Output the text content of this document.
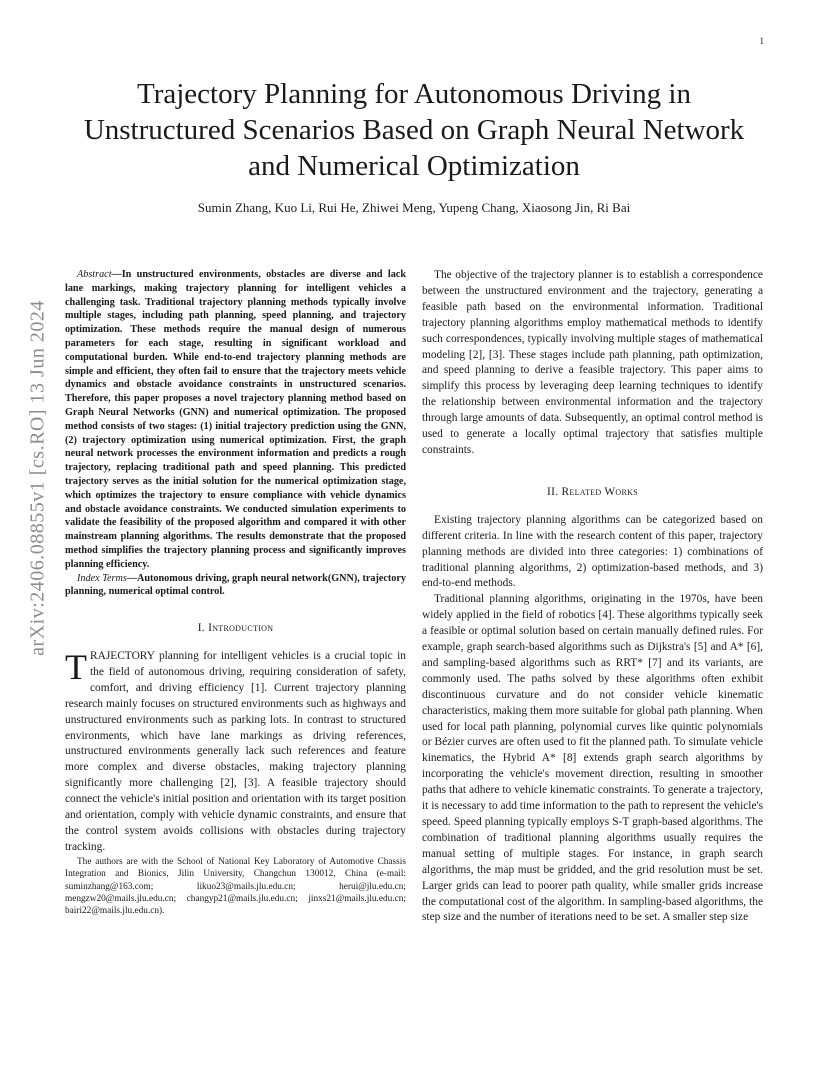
1
arXiv:2406.08855v1 [cs.RO] 13 Jun 2024
Trajectory Planning for Autonomous Driving in Unstructured Scenarios Based on Graph Neural Network and Numerical Optimization

Sumin Zhang, Kuo Li, Rui He, Zhiwei Meng, Yupeng Chang, Xiaosong Jin, Ri Bai

Abstract—In unstructured environments, obstacles are diverse and lack lane markings, making trajectory planning for intelligent vehicles a challenging task. Traditional trajectory planning methods typically involve multiple stages, including path planning, speed planning, and trajectory optimization. These methods require the manual design of numerous parameters for each stage, resulting in significant workload and computational burden. While end-to-end trajectory planning methods are simple and efficient, they often fail to ensure that the trajectory meets vehicle dynamics and obstacle avoidance constraints in unstructured scenarios. Therefore, this paper proposes a novel trajectory planning method based on Graph Neural Networks (GNN) and numerical optimization. The proposed method consists of two stages: (1) initial trajectory prediction using the GNN, (2) trajectory optimization using numerical optimization. First, the graph neural network processes the environment information and predicts a rough trajectory, replacing traditional path and speed planning. This predicted trajectory serves as the initial solution for the numerical optimization stage, which optimizes the trajectory to ensure compliance with vehicle dynamics and obstacle avoidance constraints. We conducted simulation experiments to validate the feasibility of the proposed algorithm and compared it with other mainstream planning algorithms. The results demonstrate that the proposed method simplifies the trajectory planning process and significantly improves planning efficiency.

Index Terms—Autonomous driving, graph neural network(GNN), trajectory planning, numerical optimal control.

I. Introduction

TRAJECTORY planning for intelligent vehicles is a crucial topic in the field of autonomous driving, requiring consideration of safety, comfort, and driving efficiency [1]. Current trajectory planning research mainly focuses on structured environments such as highways and unstructured environments such as parking lots. In contrast to structured environments, which have lane markings as driving references, unstructured environments generally lack such references and feature more complex and diverse obstacles, making trajectory planning significantly more challenging [2], [3]. A feasible trajectory should connect the vehicle's initial position and orientation with its target position and orientation, comply with vehicle dynamic constraints, and ensure that the control system avoids collisions with obstacles during trajectory tracking.

The authors are with the School of National Key Laboratory of Automotive Chassis Integration and Bionics, Jilin University, Changchun 130012, China (e-mail: suminzhang@163.com; likuo23@mails.jlu.edu.cn; herui@jlu.edu.cn; mengzw20@mails.jlu.edu.cn; changyp21@mails.jlu.edu.cn; jinxs21@mails.jlu.edu.cn; bairi22@mails.jlu.edu.cn).

The objective of the trajectory planner is to establish a correspondence between the unstructured environment and the trajectory, generating a feasible path based on the environmental information. Traditional trajectory planning algorithms employ mathematical methods to identify such correspondences, typically involving multiple stages of mathematical modeling [2], [3]. These stages include path planning, path optimization, and speed planning to derive a feasible trajectory. This paper aims to simplify this process by leveraging deep learning techniques to identify the relationship between environmental information and the trajectory through large amounts of data. Subsequently, an optimal control method is used to generate a locally optimal trajectory that satisfies multiple constraints.

II. Related Works

Existing trajectory planning algorithms can be categorized based on different criteria. In line with the research content of this paper, trajectory planning methods are divided into three categories: 1) combinations of traditional planning algorithms, 2) optimization-based methods, and 3) end-to-end methods.

Traditional planning algorithms, originating in the 1970s, have been widely applied in the field of robotics [4]. These algorithms typically seek a feasible or optimal solution based on certain manually defined rules. For example, graph search-based algorithms such as Dijkstra's [5] and A* [6], and sampling-based algorithms such as RRT* [7] and its variants, are commonly used. The paths solved by these algorithms often exhibit discontinuous curvature and do not consider vehicle kinematic characteristics, making them more suitable for global path planning. When used for local path planning, polynomial curves like quintic polynomials or Bézier curves are often used to fit the planned path. To simulate vehicle kinematics, the Hybrid A* [8] extends graph search algorithms by incorporating the vehicle's movement direction, resulting in smoother paths that adhere to vehicle kinematic constraints. To generate a trajectory, it is necessary to add time information to the path to represent the vehicle's speed. Speed planning typically employs S-T graph-based algorithms. The combination of traditional planning algorithms usually requires the manual setting of multiple stages. For instance, in graph search algorithms, the map must be gridded, and the grid resolution must be set. Larger grids can lead to poorer path quality, while smaller grids increase the computational cost of the algorithm. In sampling-based algorithms, the step size and the number of iterations need to be set. A smaller step size
